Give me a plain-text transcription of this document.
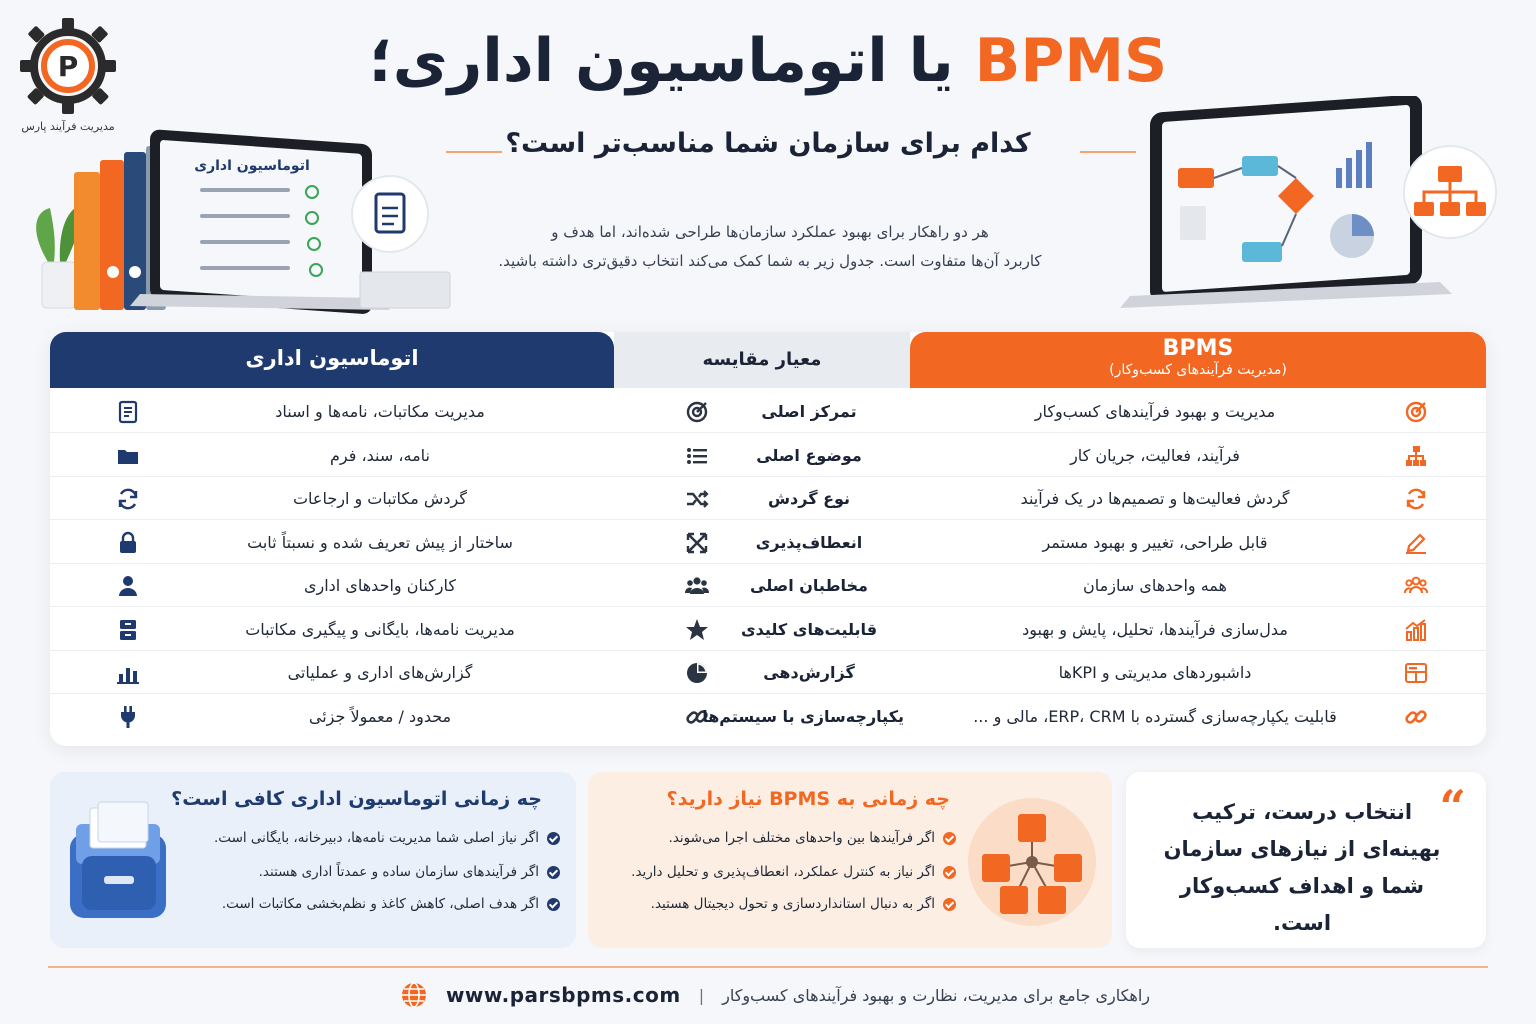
P
مدیریت فرآیند پارس
BPMS یا اتوماسیون اداری؛
کدام برای سازمان شما مناسب‌تر است؟
هر دو راهکار برای بهبود عملکرد سازمان‌ها طراحی شده‌اند، اما هدف و
کاربرد آن‌ها متفاوت است. جدول زیر به شما کمک می‌کند انتخاب دقیق‌تری داشته باشید.
اتوماسیون اداری
BPMS
(مدیریت فرآیندهای کسب‌وکار)
معیار مقایسه
اتوماسیون اداری
مدیریت و بهبود فرآیندهای کسب‌وکار
تمرکز اصلی
مدیریت مکاتبات، نامه‌ها و اسناد
فرآیند، فعالیت، جریان کار
موضوع اصلی
نامه، سند، فرم
گردش فعالیت‌ها و تصمیم‌ها در یک فرآیند
نوع گردش
گردش مکاتبات و ارجاعات
قابل طراحی، تغییر و بهبود مستمر
انعطاف‌پذیری
ساختار از پیش تعریف شده و نسبتاً ثابت
همه واحدهای سازمان
مخاطبان اصلی
کارکنان واحدهای اداری
مدل‌سازی فرآیندها، تحلیل، پایش و بهبود
قابلیت‌های کلیدی
مدیریت نامه‌ها، بایگانی و پیگیری مکاتبات
داشبوردهای مدیریتی و KPIها
گزارش‌دهی
گزارش‌های اداری و عملیاتی
قابلیت یکپارچه‌سازی گسترده با ERP، CRM، مالی و ...
یکپارچه‌سازی با سیستم‌ها
محدود / معمولاً جزئی
چه زمانی اتوماسیون اداری کافی است؟
اگر نیاز اصلی شما مدیریت نامه‌ها، دبیرخانه، بایگانی است.
اگر فرآیندهای سازمان ساده و عمدتاً اداری هستند.
اگر هدف اصلی، کاهش کاغذ و نظم‌بخشی مکاتبات است.
چه زمانی به BPMS نیاز دارید؟
اگر فرآیندها بین واحدهای مختلف اجرا می‌شوند.
اگر نیاز به کنترل عملکرد، انعطاف‌پذیری و تحلیل دارید.
اگر به دنبال استانداردسازی و تحول دیجیتال هستید.
“
انتخاب درست، ترکیب بهینه‌ای از نیازهای سازمان شما و اهداف کسب‌وکار است.
www.parsbpms.com | راهکاری جامع برای مدیریت، نظارت و بهبود فرآیندهای کسب‌وکار
